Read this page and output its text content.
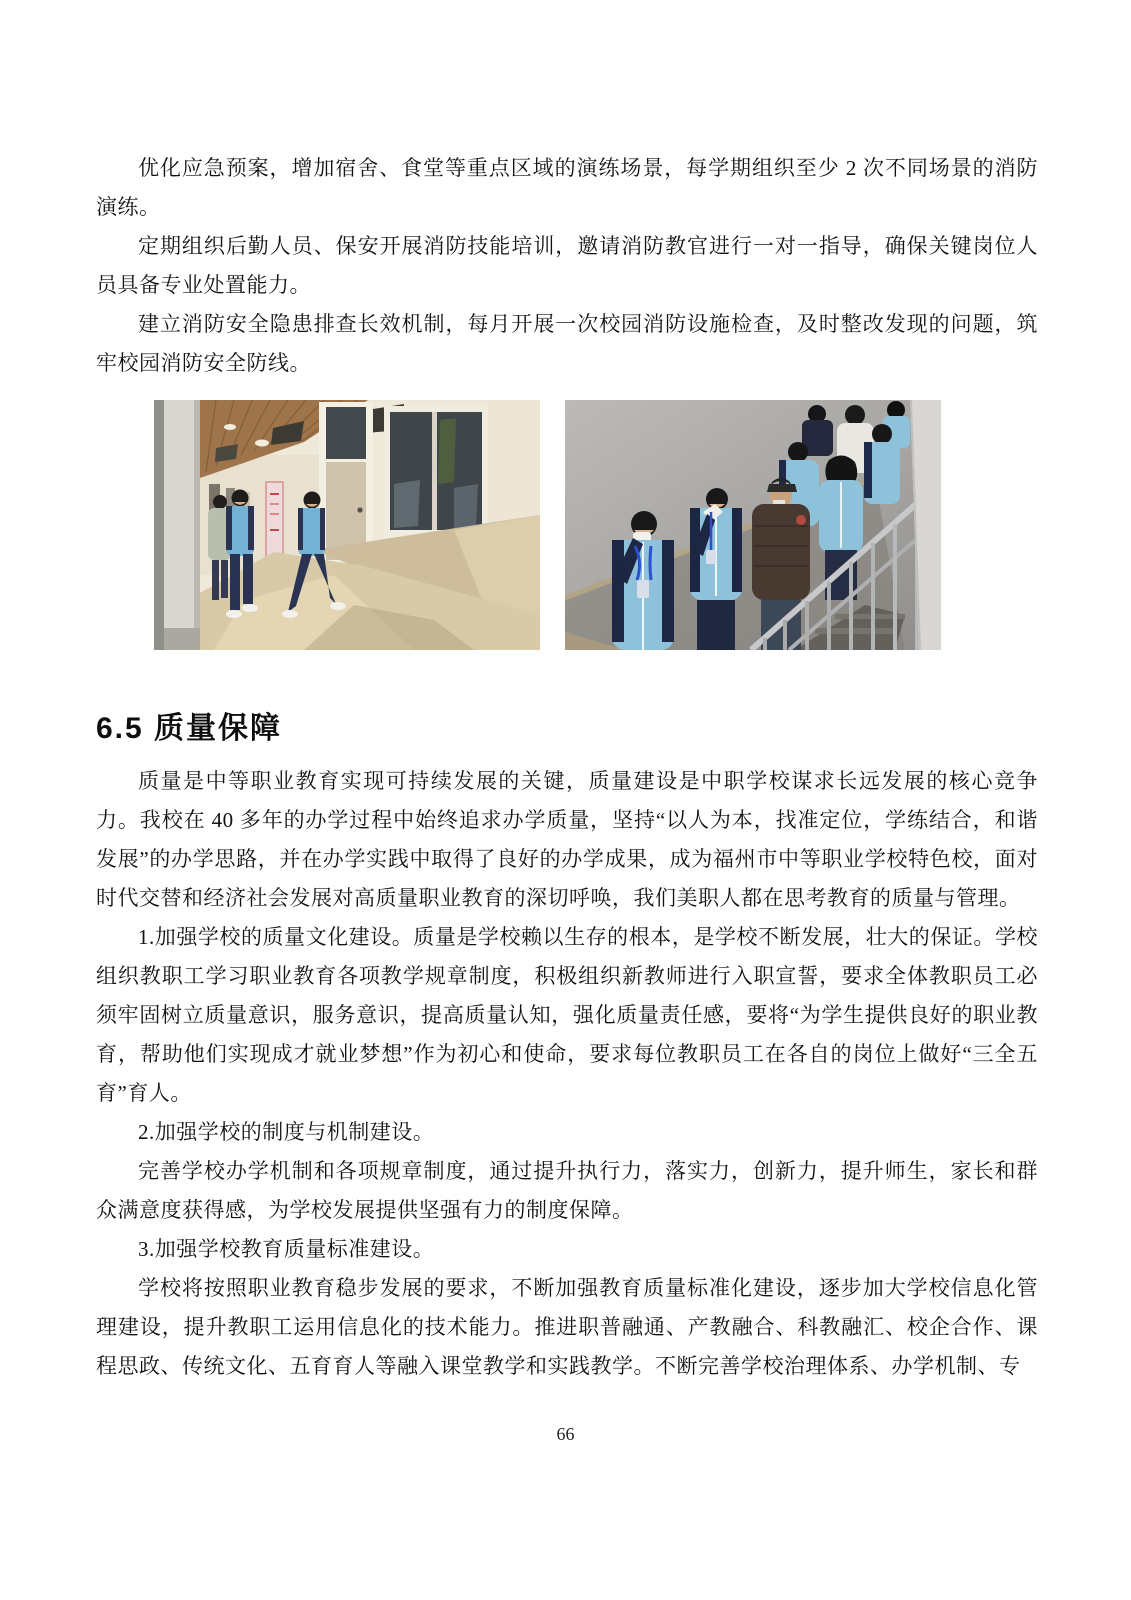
优化应急预案，增加宿舍、食堂等重点区域的演练场景，每学期组织至少 2 次不同场景的消防演练。

定期组织后勤人员、保安开展消防技能培训，邀请消防教官进行一对一指导，确保关键岗位人员具备专业处置能力。

建立消防安全隐患排查长效机制，每月开展一次校园消防设施检查，及时整改发现的问题，筑牢校园消防安全防线。

6.5 质量保障

质量是中等职业教育实现可持续发展的关键，质量建设是中职学校谋求长远发展的核心竞争力。我校在 40 多年的办学过程中始终追求办学质量，坚持“以人为本，找准定位，学练结合，和谐发展”的办学思路，并在办学实践中取得了良好的办学成果，成为福州市中等职业学校特色校，面对时代交替和经济社会发展对高质量职业教育的深切呼唤，我们美职人都在思考教育的质量与管理。

1.加强学校的质量文化建设。质量是学校赖以生存的根本，是学校不断发展，壮大的保证。学校组织教职工学习职业教育各项教学规章制度，积极组织新教师进行入职宣誓，要求全体教职员工必须牢固树立质量意识，服务意识，提高质量认知，强化质量责任感，要将“为学生提供良好的职业教育，帮助他们实现成才就业梦想”作为初心和使命，要求每位教职员工在各自的岗位上做好“三全五育”育人。

2.加强学校的制度与机制建设。

完善学校办学机制和各项规章制度，通过提升执行力，落实力，创新力，提升师生，家长和群众满意度获得感，为学校发展提供坚强有力的制度保障。

3.加强学校教育质量标准建设。

学校将按照职业教育稳步发展的要求，不断加强教育质量标准化建设，逐步加大学校信息化管理建设，提升教职工运用信息化的技术能力。推进职普融通、产教融合、科教融汇、校企合作、课程思政、传统文化、五育育人等融入课堂教学和实践教学。不断完善学校治理体系、办学机制、专

66
